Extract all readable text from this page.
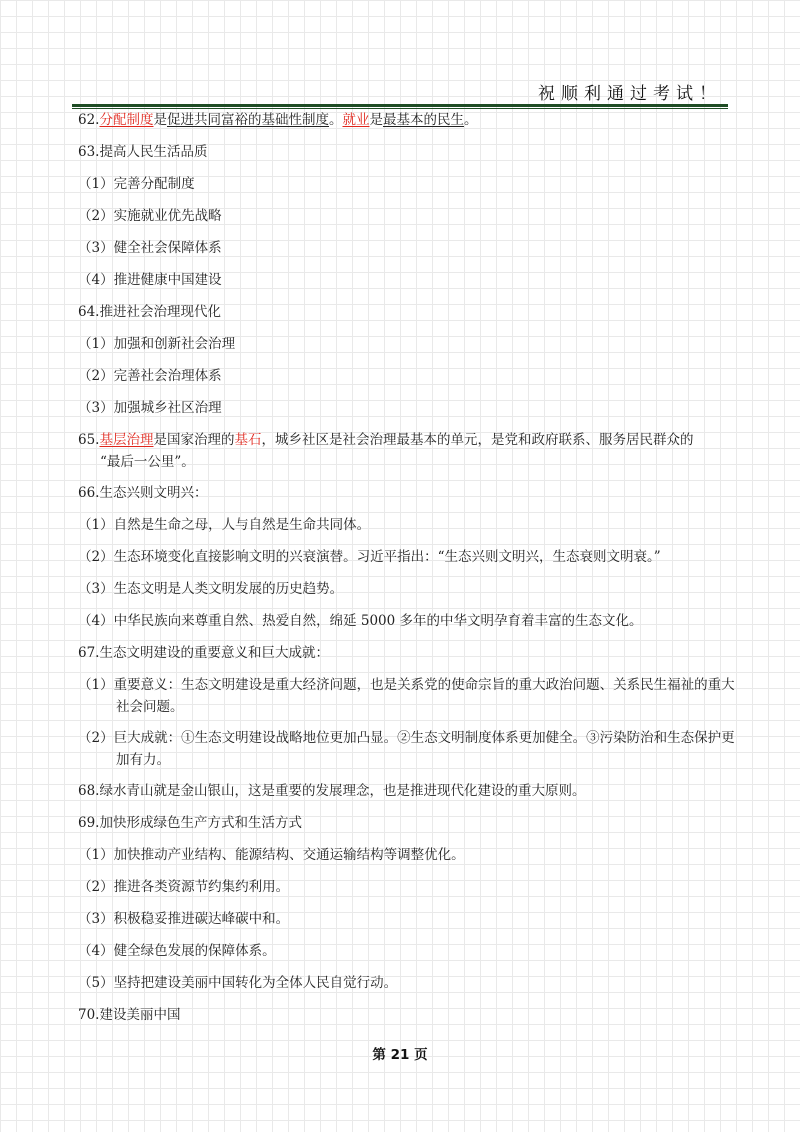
祝顺利通过考试！

62.分配制度是促进共同富裕的基础性制度。就业是最基本的民生。

63.提高人民生活品质

（1）完善分配制度

（2）实施就业优先战略

（3）健全社会保障体系

（4）推进健康中国建设

64.推进社会治理现代化

（1）加强和创新社会治理

（2）完善社会治理体系

（3）加强城乡社区治理

65.基层治理是国家治理的基石，城乡社区是社会治理最基本的单元，是党和政府联系、服务居民群众的
“最后一公里”。

66.生态兴则文明兴：

（1）自然是生命之母，人与自然是生命共同体。

（2）生态环境变化直接影响文明的兴衰演替。习近平指出：“生态兴则文明兴，生态衰则文明衰。”

（3）生态文明是人类文明发展的历史趋势。

（4）中华民族向来尊重自然、热爱自然，绵延 5000 多年的中华文明孕育着丰富的生态文化。

67.生态文明建设的重要意义和巨大成就：

（1）重要意义：生态文明建设是重大经济问题，也是关系党的使命宗旨的重大政治问题、关系民生福祉的重大社会问题。

（2）巨大成就：①生态文明建设战略地位更加凸显。②生态文明制度体系更加健全。③污染防治和生态保护更加有力。

68.绿水青山就是金山银山，这是重要的发展理念，也是推进现代化建设的重大原则。

69.加快形成绿色生产方式和生活方式

（1）加快推动产业结构、能源结构、交通运输结构等调整优化。

（2）推进各类资源节约集约利用。

（3）积极稳妥推进碳达峰碳中和。

（4）健全绿色发展的保障体系。

（5）坚持把建设美丽中国转化为全体人民自觉行动。

70.建设美丽中国

第 21 页
